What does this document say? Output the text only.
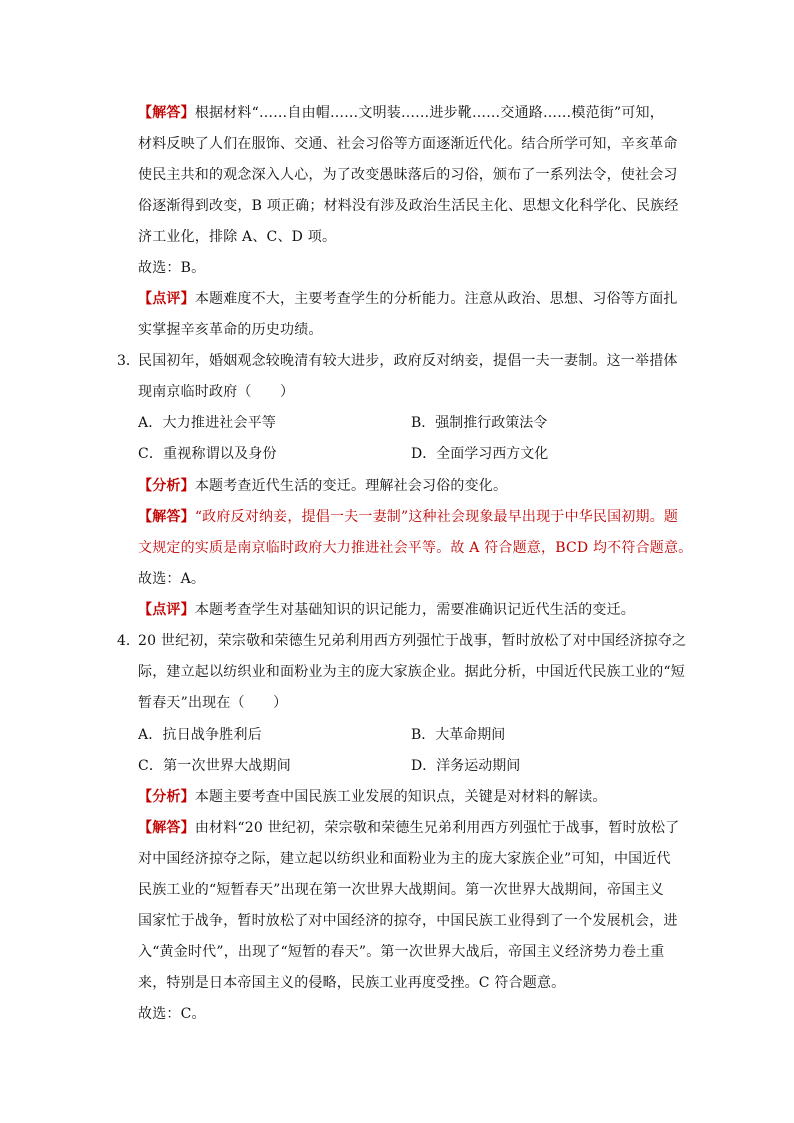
【解答】根据材料“……自由帽……文明装……进步靴……交通路……模范街”可知，
材料反映了人们在服饰、交通、社会习俗等方面逐渐近代化。结合所学可知，辛亥革命
使民主共和的观念深入人心，为了改变愚昧落后的习俗，颁布了一系列法令，使社会习
俗逐渐得到改变，B 项正确；材料没有涉及政治生活民主化、思想文化科学化、民族经
济工业化，排除 A、C、D 项。
故选：B。
【点评】本题难度不大，主要考查学生的分析能力。注意从政治、思想、习俗等方面扎
实掌握辛亥革命的历史功绩。
3．
民国初年，婚姻观念较晚清有较大进步，政府反对纳妾，提倡一夫一妻制。这一举措体
现南京临时政府（　　）
A．大力推进社会平等	B．强制推行政策法令
C．重视称谓以及身份	D．全面学习西方文化
【分析】本题考查近代生活的变迁。理解社会习俗的变化。
【解答】“政府反对纳妾，提倡一夫一妻制”这种社会现象最早出现于中华民国初期。题
文规定的实质是南京临时政府大力推进社会平等。故 A 符合题意，BCD 均不符合题意。
故选：A。
【点评】本题考查学生对基础知识的识记能力，需要准确识记近代生活的变迁。
4．
20 世纪初，荣宗敬和荣德生兄弟利用西方列强忙于战事，暂时放松了对中国经济掠夺之
际，建立起以纺织业和面粉业为主的庞大家族企业。据此分析，中国近代民族工业的“短
暂春天”出现在（　　）
A．抗日战争胜利后	B．大革命期间
C．第一次世界大战期间	D．洋务运动期间
【分析】本题主要考查中国民族工业发展的知识点，关键是对材料的解读。
【解答】由材料“20 世纪初，荣宗敬和荣德生兄弟利用西方列强忙于战事，暂时放松了
对中国经济掠夺之际，建立起以纺织业和面粉业为主的庞大家族企业”可知，中国近代
民族工业的“短暂春天”出现在第一次世界大战期间。第一次世界大战期间，帝国主义
国家忙于战争，暂时放松了对中国经济的掠夺，中国民族工业得到了一个发展机会，进
入“黄金时代”，出现了“短暂的春天”。第一次世界大战后，帝国主义经济势力卷土重
来，特别是日本帝国主义的侵略，民族工业再度受挫。C 符合题意。
故选：C。
